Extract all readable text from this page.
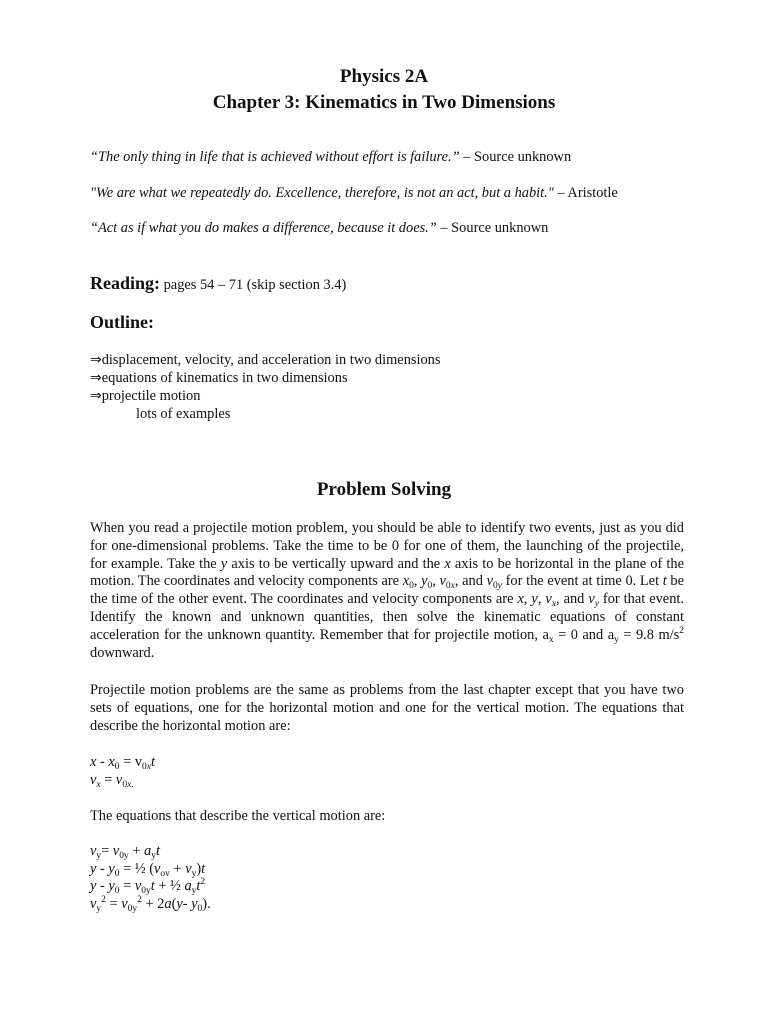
Physics 2A
Chapter 3: Kinematics in Two Dimensions
“The only thing in life that is achieved without effort is failure.” – Source unknown
"We are what we repeatedly do. Excellence, therefore, is not an act, but a habit." – Aristotle
“Act as if what you do makes a difference, because it does.” – Source unknown
Reading: pages 54 – 71 (skip section 3.4)
Outline:
⇒displacement, velocity, and acceleration in two dimensions
⇒equations of kinematics in two dimensions
⇒projectile motion
lots of examples
Problem Solving
When you read a projectile motion problem, you should be able to identify two events, just as you did for one-dimensional problems. Take the time to be 0 for one of them, the launching of the projectile, for example. Take the y axis to be vertically upward and the x axis to be horizontal in the plane of the motion. The coordinates and velocity components are $x_0$, $y_0$, $v_{0x}$, and $v_{0y}$ for the event at time 0. Let t be the time of the other event. The coordinates and velocity components are x, y, $v_x$, and $v_y$ for that event. Identify the known and unknown quantities, then solve the kinematic equations of constant acceleration for the unknown quantity. Remember that for projectile motion, $a_x = 0$ and $a_y = 9.8$ $m/s^2$ downward.
Projectile motion problems are the same as problems from the last chapter except that you have two sets of equations, one for the horizontal motion and one for the vertical motion. The equations that describe the horizontal motion are:
$x - x_0 = v_{0x}t$
$v_x = v_{0x.}$
The equations that describe the vertical motion are:
$v_y= v_{0y} + a_yt$
y - $y_0$ = ½ $(v_{ov} + v_y)t$
$y - y_0 = v_{0y}t$ + ½ $a_yt^2$
$v_y^2 = v_{0y}^2 + 2a(y-$ $y_0$).
